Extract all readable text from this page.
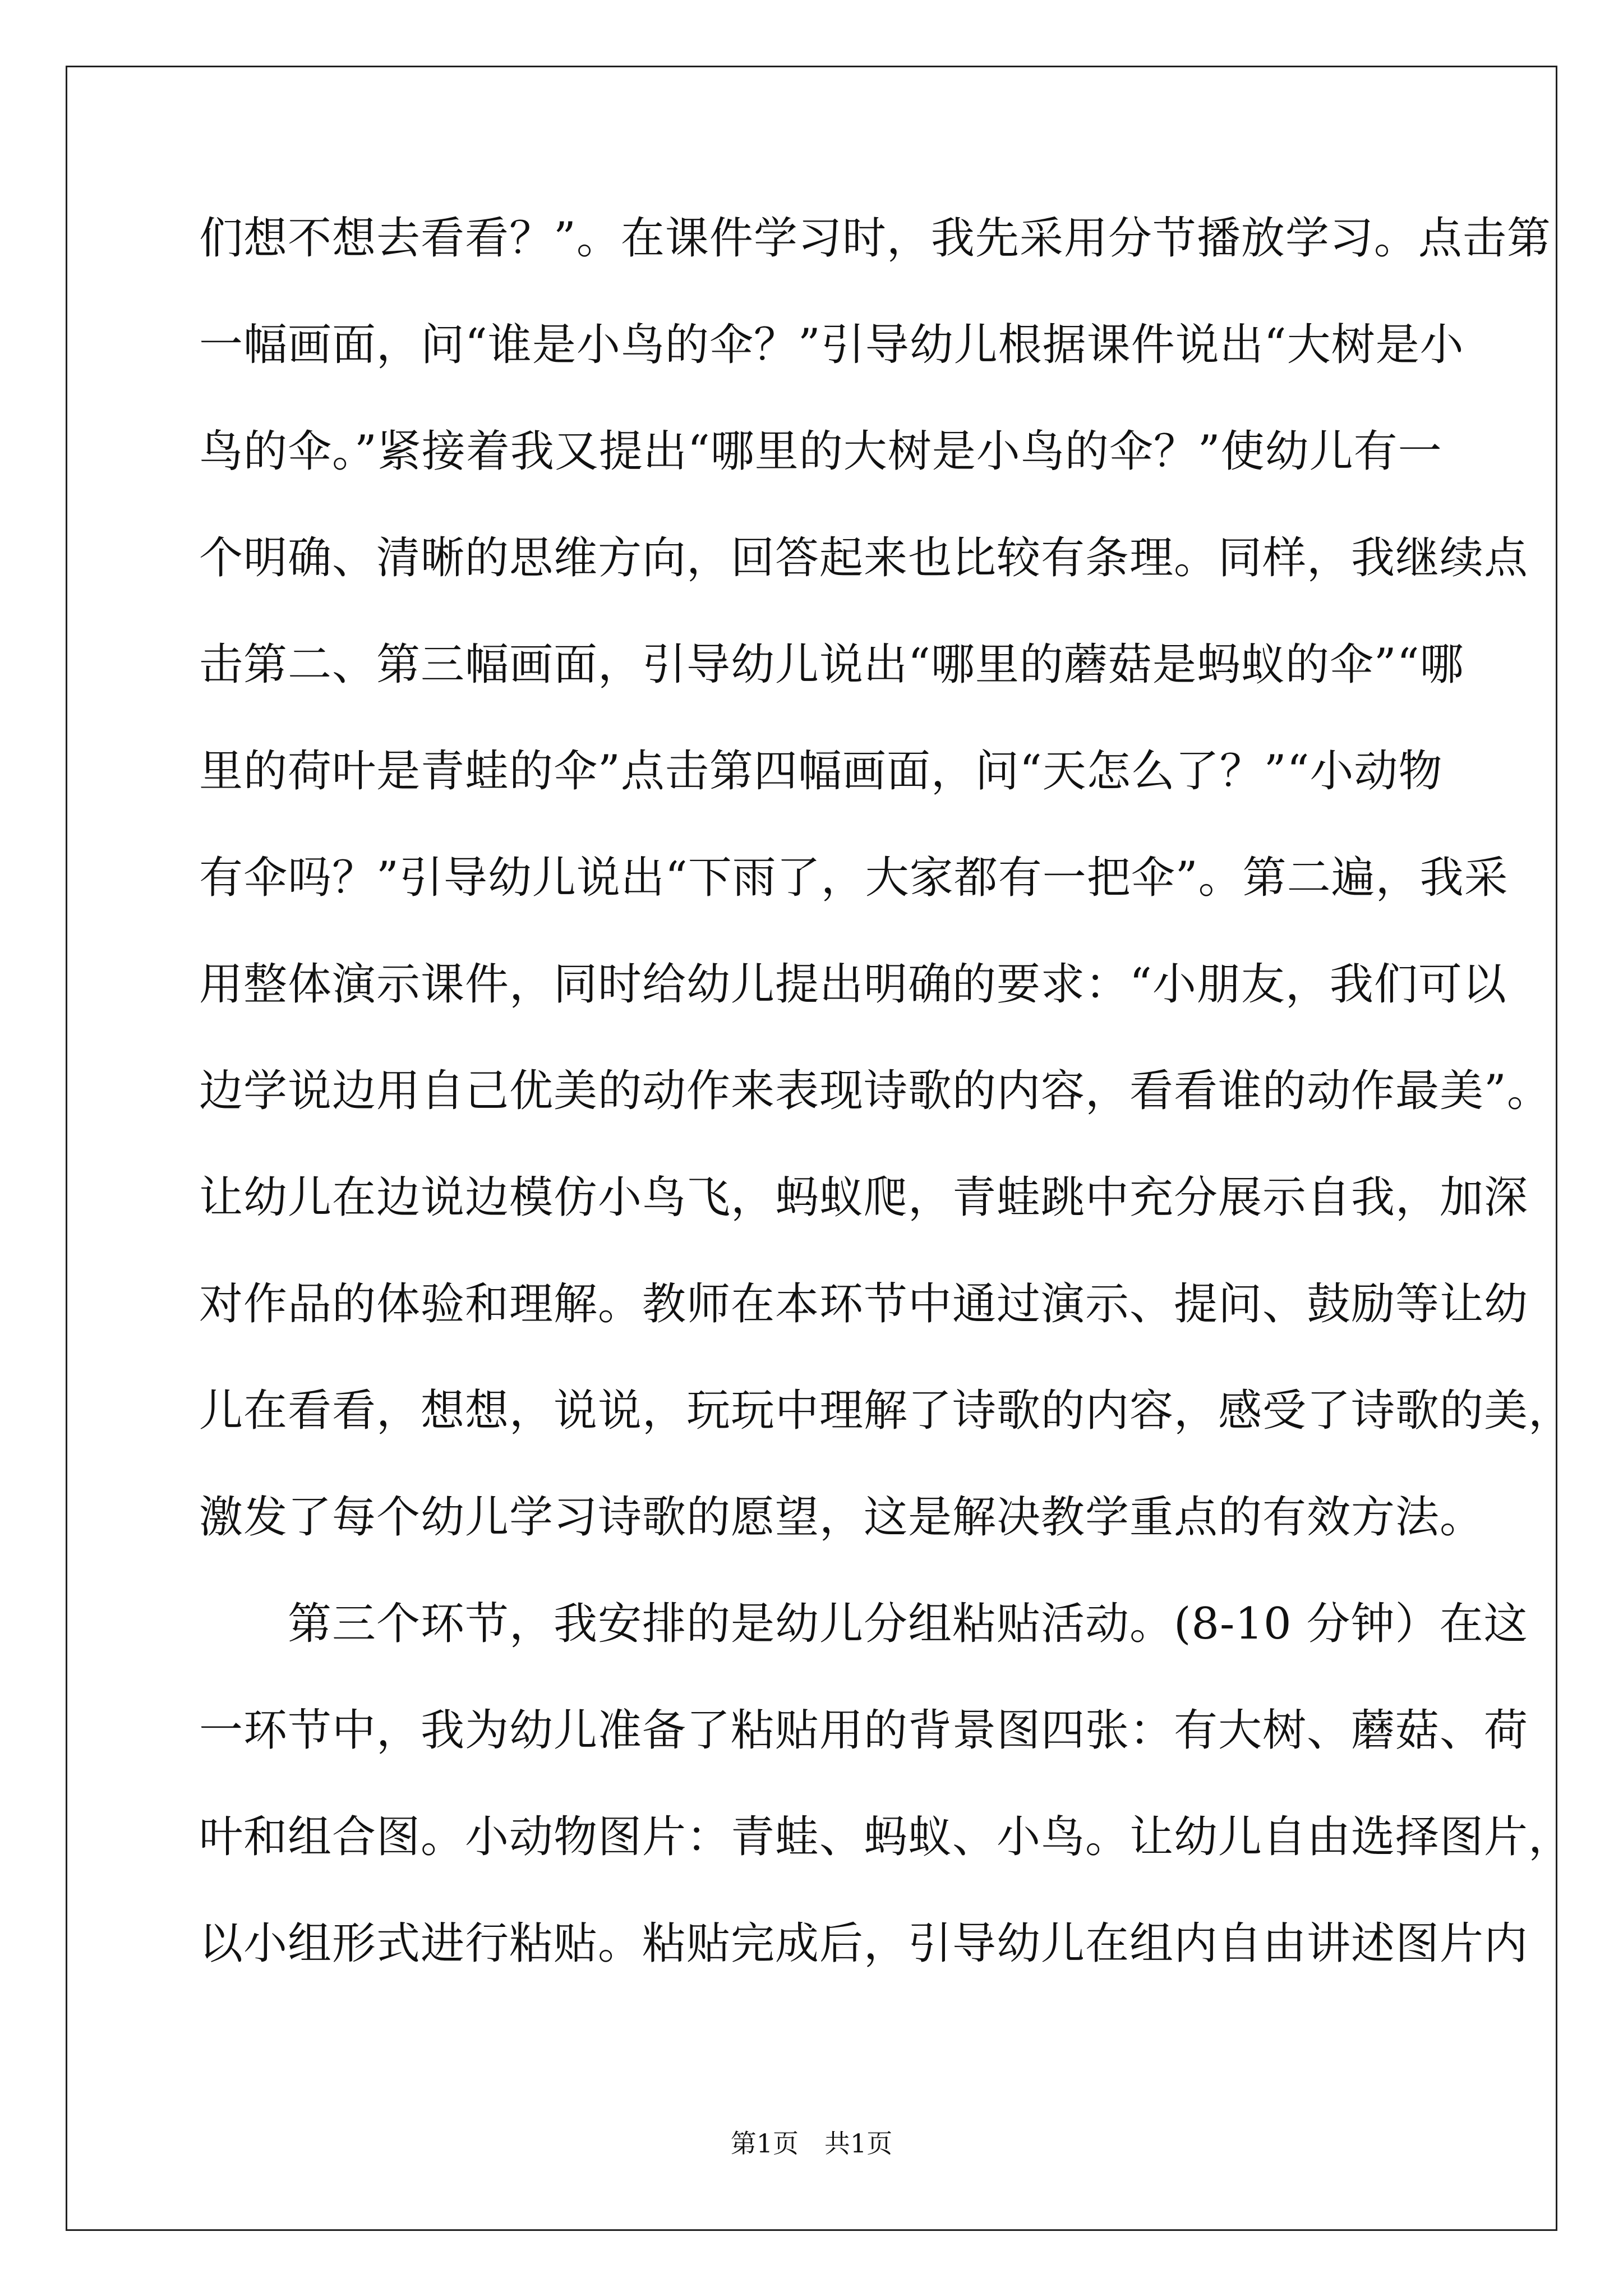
们想不想去看看？”。在课件学习时，我先采用分节播放学习。点击第
一幅画面，问“谁是小鸟的伞？”引导幼儿根据课件说出“大树是小
鸟的伞。”紧接着我又提出“哪里的大树是小鸟的伞？”使幼儿有一
个明确、清晰的思维方向，回答起来也比较有条理。同样，我继续点
击第二、第三幅画面，引导幼儿说出“哪里的蘑菇是蚂蚁的伞”“哪
里的荷叶是青蛙的伞”点击第四幅画面，问“天怎么了？”“小动物
有伞吗？”引导幼儿说出“下雨了，大家都有一把伞”。第二遍，我采
用整体演示课件，同时给幼儿提出明确的要求：“小朋友，我们可以
边学说边用自己优美的动作来表现诗歌的内容，看看谁的动作最美”。
让幼儿在边说边模仿小鸟飞，蚂蚁爬，青蛙跳中充分展示自我，加深
对作品的体验和理解。教师在本环节中通过演示、提问、鼓励等让幼
儿在看看，想想，说说，玩玩中理解了诗歌的内容，感受了诗歌的美，
激发了每个幼儿学习诗歌的愿望，这是解决教学重点的有效方法。
　　第三个环节，我安排的是幼儿分组粘贴活动。(8-10 分钟）在这
一环节中，我为幼儿准备了粘贴用的背景图四张：有大树、蘑菇、荷
叶和组合图。小动物图片：青蛙、蚂蚁、小鸟。让幼儿自由选择图片，
以小组形式进行粘贴。粘贴完成后，引导幼儿在组内自由讲述图片内
第1页　共1页
